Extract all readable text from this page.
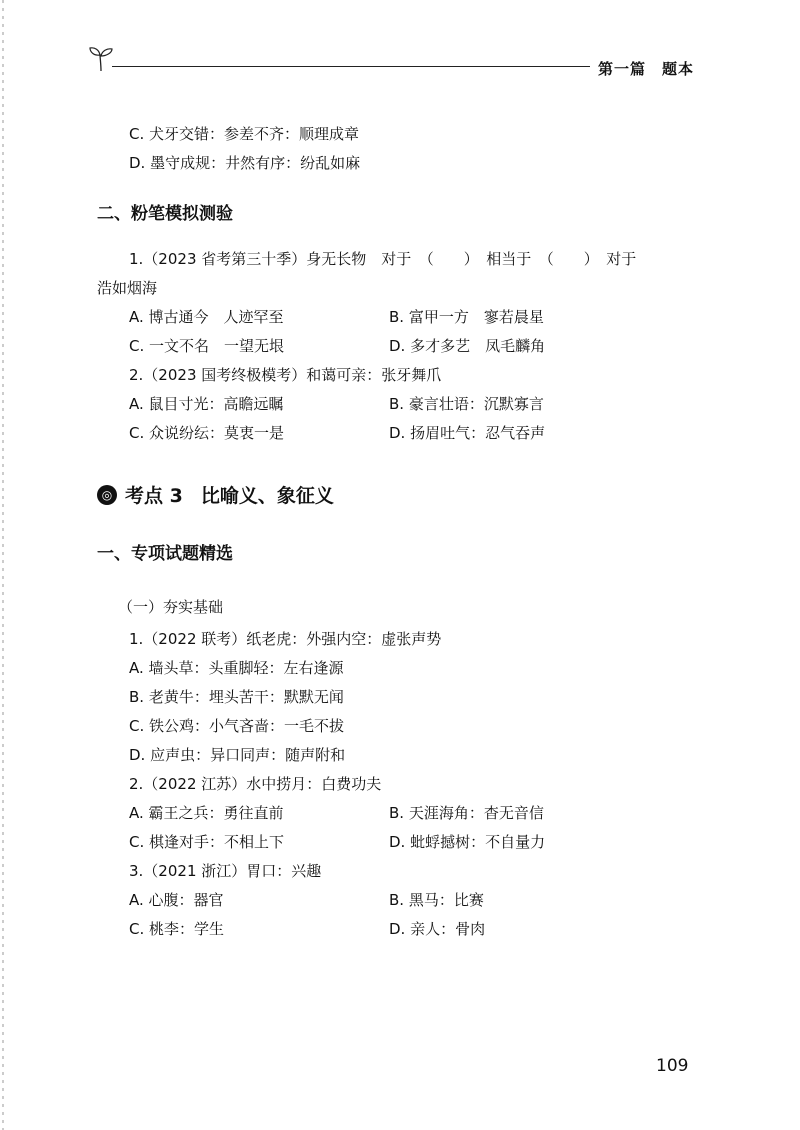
第一篇 题本
C. 犬牙交错：参差不齐：顺理成章
D. 墨守成规：井然有序：纷乱如麻
二、粉笔模拟测验
1.（2023 省考第三十季）身无长物　对于　（　　）　相当于　（　　）　对于
浩如烟海
A. 博古通今　人迹罕至	B. 富甲一方　寥若晨星
C. 一文不名　一望无垠	D. 多才多艺　凤毛麟角
2.（2023 国考终极模考）和蔼可亲：张牙舞爪
A. 鼠目寸光：高瞻远瞩	B. 豪言壮语：沉默寡言
C. 众说纷纭：莫衷一是	D. 扬眉吐气：忍气吞声
◎ 考点 3 比喻义、象征义
一、专项试题精选
（一）夯实基础
1.（2022 联考）纸老虎：外强内空：虚张声势
A. 墙头草：头重脚轻：左右逢源
B. 老黄牛：埋头苦干：默默无闻
C. 铁公鸡：小气吝啬：一毛不拔
D. 应声虫：异口同声：随声附和
2.（2022 江苏）水中捞月：白费功夫
A. 霸王之兵：勇往直前	B. 天涯海角：杳无音信
C. 棋逢对手：不相上下	D. 蚍蜉撼树：不自量力
3.（2021 浙江）胃口：兴趣
A. 心腹：器官	B. 黑马：比赛
C. 桃李：学生	D. 亲人：骨肉
109
